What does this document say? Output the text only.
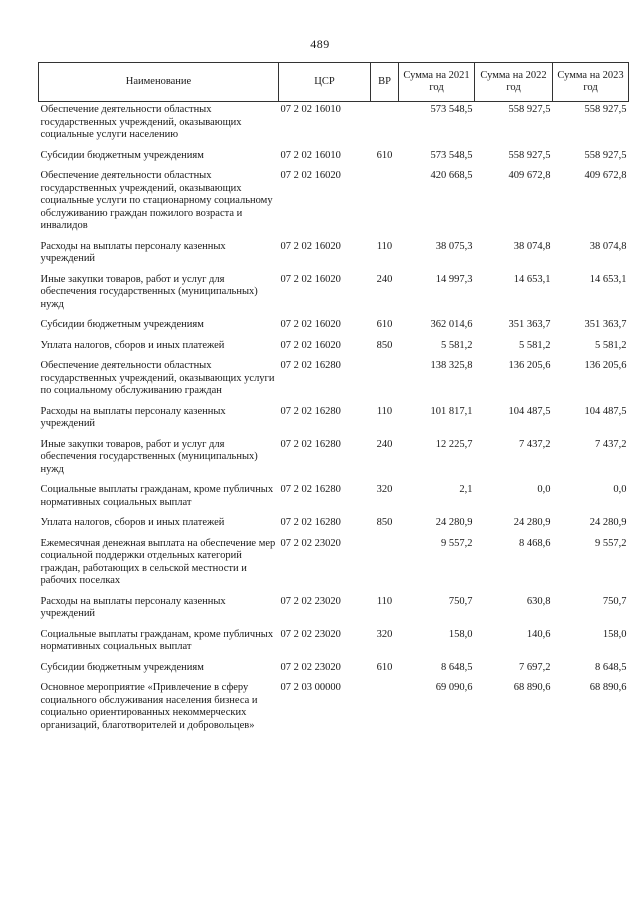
489
Наименование	ЦСР	ВР	Сумма на 2021 год	Сумма на 2022 год	Сумма на 2023 год
Обеспечение деятельности областных государственных учреждений, оказывающих социальные услуги населению	07 2 02 16010		573 548,5	558 927,5	558 927,5
Субсидии бюджетным учреждениям	07 2 02 16010	610	573 548,5	558 927,5	558 927,5
Обеспечение деятельности областных государственных учреждений, оказывающих социальные услуги по стационарному социальному обслуживанию граждан пожилого возраста и инвалидов	07 2 02 16020		420 668,5	409 672,8	409 672,8
Расходы на выплаты персоналу казенных учреждений	07 2 02 16020	110	38 075,3	38 074,8	38 074,8
Иные закупки товаров, работ и услуг для обеспечения государственных (муниципальных) нужд	07 2 02 16020	240	14 997,3	14 653,1	14 653,1
Субсидии бюджетным учреждениям	07 2 02 16020	610	362 014,6	351 363,7	351 363,7
Уплата налогов, сборов и иных платежей	07 2 02 16020	850	5 581,2	5 581,2	5 581,2
Обеспечение деятельности областных государственных учреждений, оказывающих услуги по социальному обслуживанию граждан	07 2 02 16280		138 325,8	136 205,6	136 205,6
Расходы на выплаты персоналу казенных учреждений	07 2 02 16280	110	101 817,1	104 487,5	104 487,5
Иные закупки товаров, работ и услуг для обеспечения государственных (муниципальных) нужд	07 2 02 16280	240	12 225,7	7 437,2	7 437,2
Социальные выплаты гражданам, кроме публичных нормативных социальных выплат	07 2 02 16280	320	2,1	0,0	0,0
Уплата налогов, сборов и иных платежей	07 2 02 16280	850	24 280,9	24 280,9	24 280,9
Ежемесячная денежная выплата на обеспечение мер социальной поддержки отдельных категорий граждан, работающих в сельской местности и рабочих поселках	07 2 02 23020		9 557,2	8 468,6	9 557,2
Расходы на выплаты персоналу казенных учреждений	07 2 02 23020	110	750,7	630,8	750,7
Социальные выплаты гражданам, кроме публичных нормативных социальных выплат	07 2 02 23020	320	158,0	140,6	158,0
Субсидии бюджетным учреждениям	07 2 02 23020	610	8 648,5	7 697,2	8 648,5
Основное мероприятие «Привлечение в сферу социального обслуживания населения бизнеса и социально ориентированных некоммерческих организаций, благотворителей и добровольцев»	07 2 03 00000		69 090,6	68 890,6	68 890,6
